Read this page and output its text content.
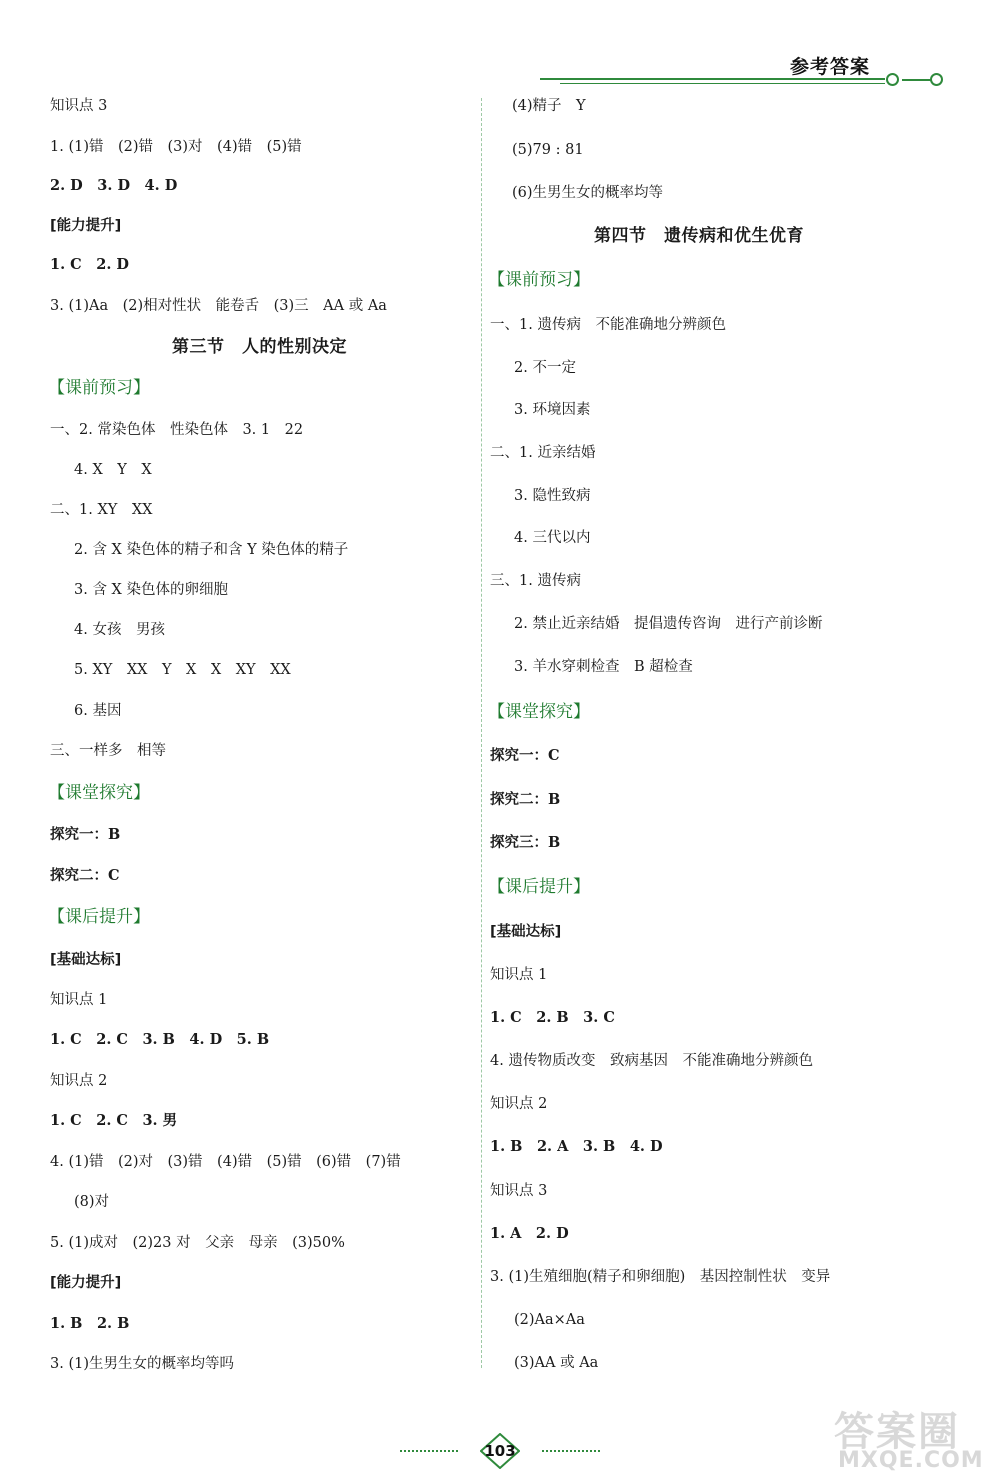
参考答案
知识点 3
1. (1)错　(2)错　(3)对　(4)错　(5)错
2. D　3. D　4. D
[能力提升]
1. C　2. D
3. (1)Aa　(2)相对性状　能卷舌　(3)三　AA 或 Aa
第三节　人的性别决定
【课前预习】
一、2. 常染色体　性染色体　3. 1　22
4. X　Y　X
二、1. XY　XX
2. 含 X 染色体的精子和含 Y 染色体的精子
3. 含 X 染色体的卵细胞
4. 女孩　男孩
5. XY　XX　Y　X　X　XY　XX
6. 基因
三、一样多　相等
【课堂探究】
探究一：B
探究二：C
【课后提升】
[基础达标]
知识点 1
1. C　2. C　3. B　4. D　5. B
知识点 2
1. C　2. C　3. 男
4. (1)错　(2)对　(3)错　(4)错　(5)错　(6)错　(7)错
(8)对
5. (1)成对　(2)23 对　父亲　母亲　(3)50%
[能力提升]
1. B　2. B
3. (1)生男生女的概率均等吗
(4)精子　Y
(5)79 : 81
(6)生男生女的概率均等
第四节　遗传病和优生优育
【课前预习】
一、1. 遗传病　不能准确地分辨颜色
2. 不一定
3. 环境因素
二、1. 近亲结婚
3. 隐性致病
4. 三代以内
三、1. 遗传病
2. 禁止近亲结婚　提倡遗传咨询　进行产前诊断
3. 羊水穿刺检查　B 超检查
【课堂探究】
探究一：C
探究二：B
探究三：B
【课后提升】
[基础达标]
知识点 1
1. C　2. B　3. C
4. 遗传物质改变　致病基因　不能准确地分辨颜色
知识点 2
1. B　2. A　3. B　4. D
知识点 3
1. A　2. D
3. (1)生殖细胞(精子和卵细胞)　基因控制性状　变异
(2)Aa×Aa
(3)AA 或 Aa
103	答案圈
MXQE.COM
